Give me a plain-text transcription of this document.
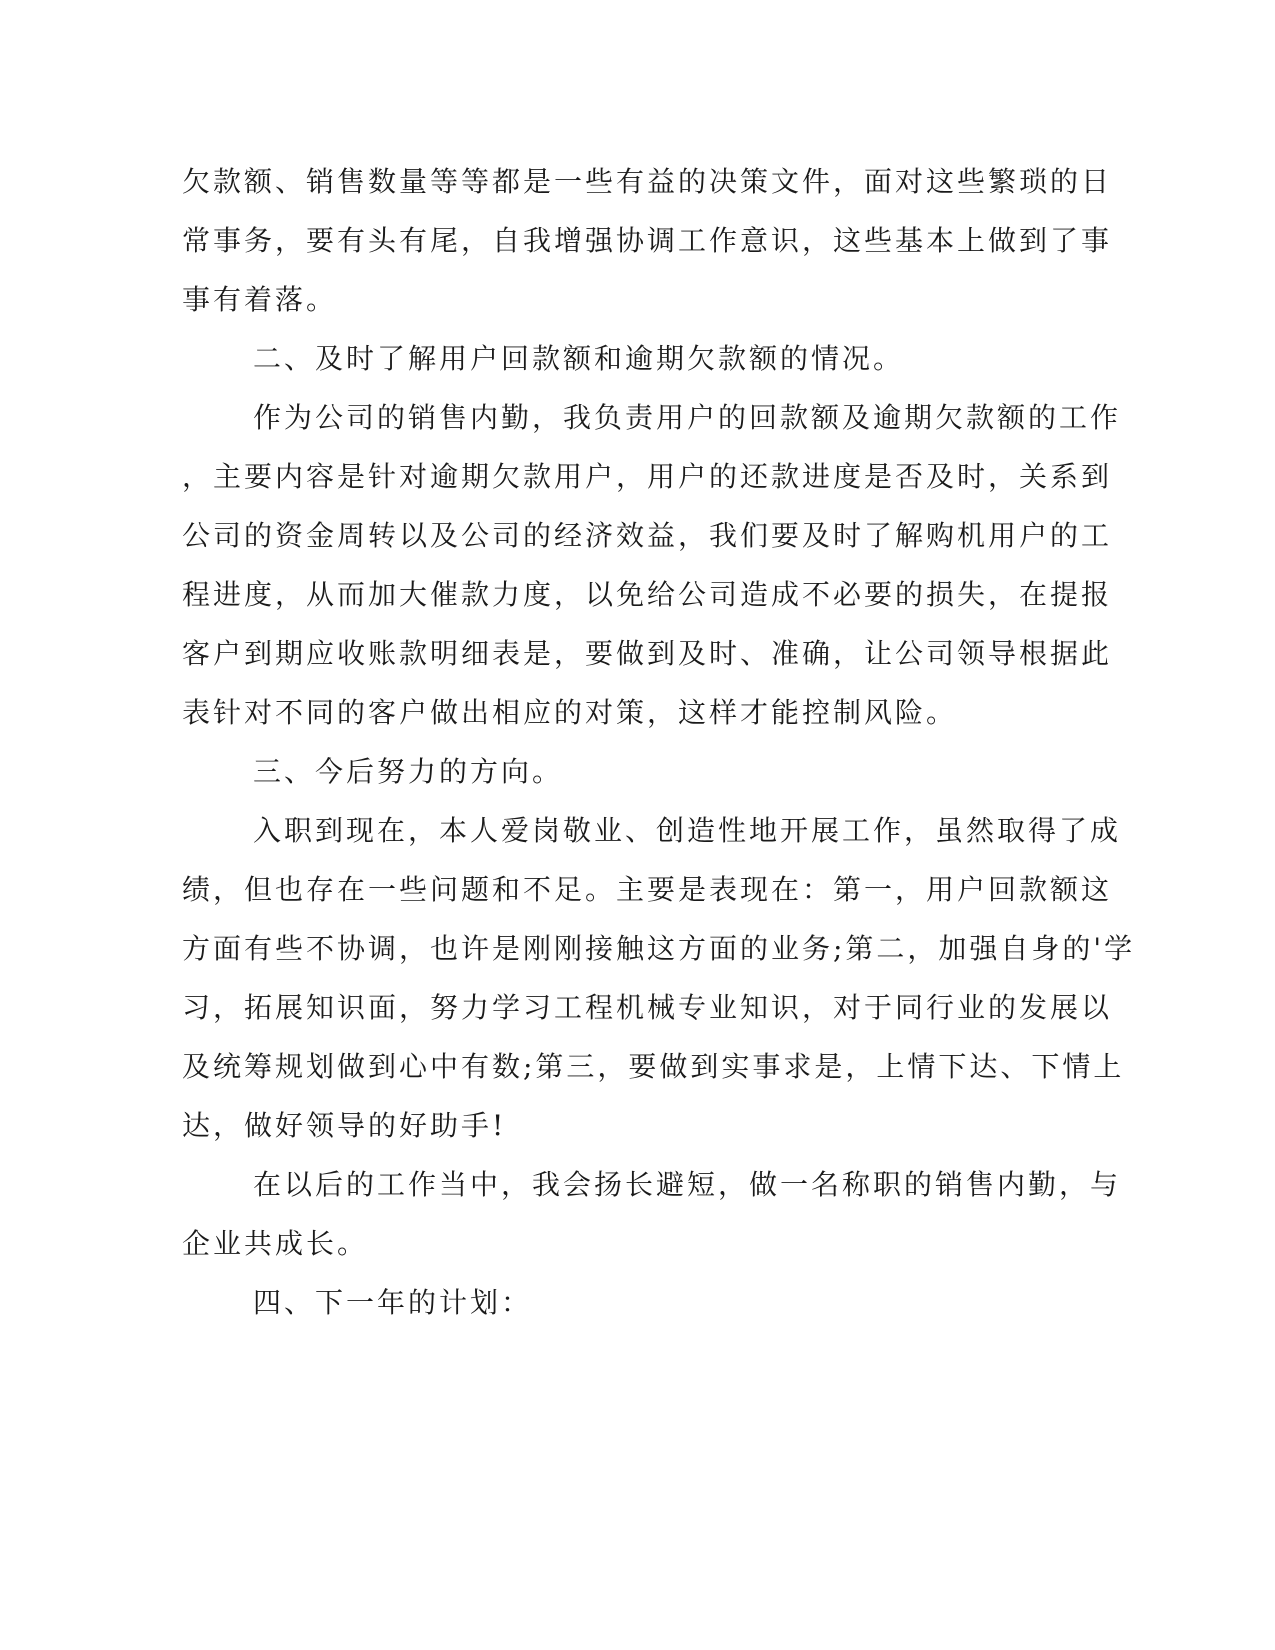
欠款额、销售数量等等都是一些有益的决策文件，面对这些繁琐的日
常事务，要有头有尾，自我增强协调工作意识，这些基本上做到了事
事有着落。
二、及时了解用户回款额和逾期欠款额的情况。
作为公司的销售内勤，我负责用户的回款额及逾期欠款额的工作
，主要内容是针对逾期欠款用户，用户的还款进度是否及时，关系到
公司的资金周转以及公司的经济效益，我们要及时了解购机用户的工
程进度，从而加大催款力度，以免给公司造成不必要的损失，在提报
客户到期应收账款明细表是，要做到及时、准确，让公司领导根据此
表针对不同的客户做出相应的对策，这样才能控制风险。
三、今后努力的方向。
入职到现在，本人爱岗敬业、创造性地开展工作，虽然取得了成
绩，但也存在一些问题和不足。主要是表现在：第一，用户回款额这
方面有些不协调，也许是刚刚接触这方面的业务;第二，加强自身的'学
习，拓展知识面，努力学习工程机械专业知识，对于同行业的发展以
及统筹规划做到心中有数;第三，要做到实事求是，上情下达、下情上
达，做好领导的好助手!
在以后的工作当中，我会扬长避短，做一名称职的销售内勤，与
企业共成长。
四、下一年的计划：
